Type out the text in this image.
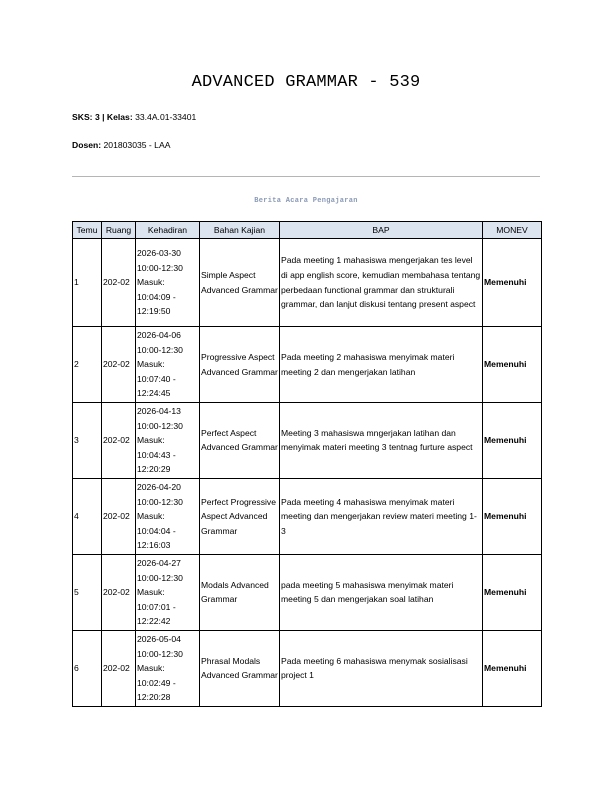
ADVANCED GRAMMAR - 539
SKS: 3 | Kelas: 33.4A.01-33401
Dosen: 201803035 - LAA
Berita Acara Pengajaran
Temu	Ruang	Kehadiran	Bahan Kajian	BAP	MONEV
1	202-02	2026-03-30
10:00-12:30
Masuk:
10:04:09 -
12:19:50	Simple Aspect Advanced Grammar	Pada meeting 1 mahasiswa mengerjakan tes level di app english score, kemudian membahasa tentang perbedaan functional grammar dan strukturali grammar, dan lanjut diskusi tentang present aspect	Memenuhi
2	202-02	2026-04-06
10:00-12:30
Masuk:
10:07:40 -
12:24:45	Progressive Aspect Advanced Grammar	Pada meeting 2 mahasiswa menyimak materi meeting 2 dan mengerjakan latihan	Memenuhi
3	202-02	2026-04-13
10:00-12:30
Masuk:
10:04:43 -
12:20:29	Perfect Aspect Advanced Grammar	Meeting 3 mahasiswa mngerjakan latihan dan menyimak materi meeting 3 tentnag furture aspect	Memenuhi
4	202-02	2026-04-20
10:00-12:30
Masuk:
10:04:04 -
12:16:03	Perfect Progressive Aspect Advanced Grammar	Pada meeting 4 mahasiswa menyimak materi meeting dan mengerjakan review materi meeting 1-3	Memenuhi
5	202-02	2026-04-27
10:00-12:30
Masuk:
10:07:01 -
12:22:42	Modals Advanced Grammar	pada meeting 5 mahasiswa menyimak materi meeting 5 dan mengerjakan soal latihan	Memenuhi
6	202-02	2026-05-04
10:00-12:30
Masuk:
10:02:49 -
12:20:28	Phrasal Modals Advanced Grammar	Pada meeting 6 mahasiswa menymak sosialisasi project 1	Memenuhi
